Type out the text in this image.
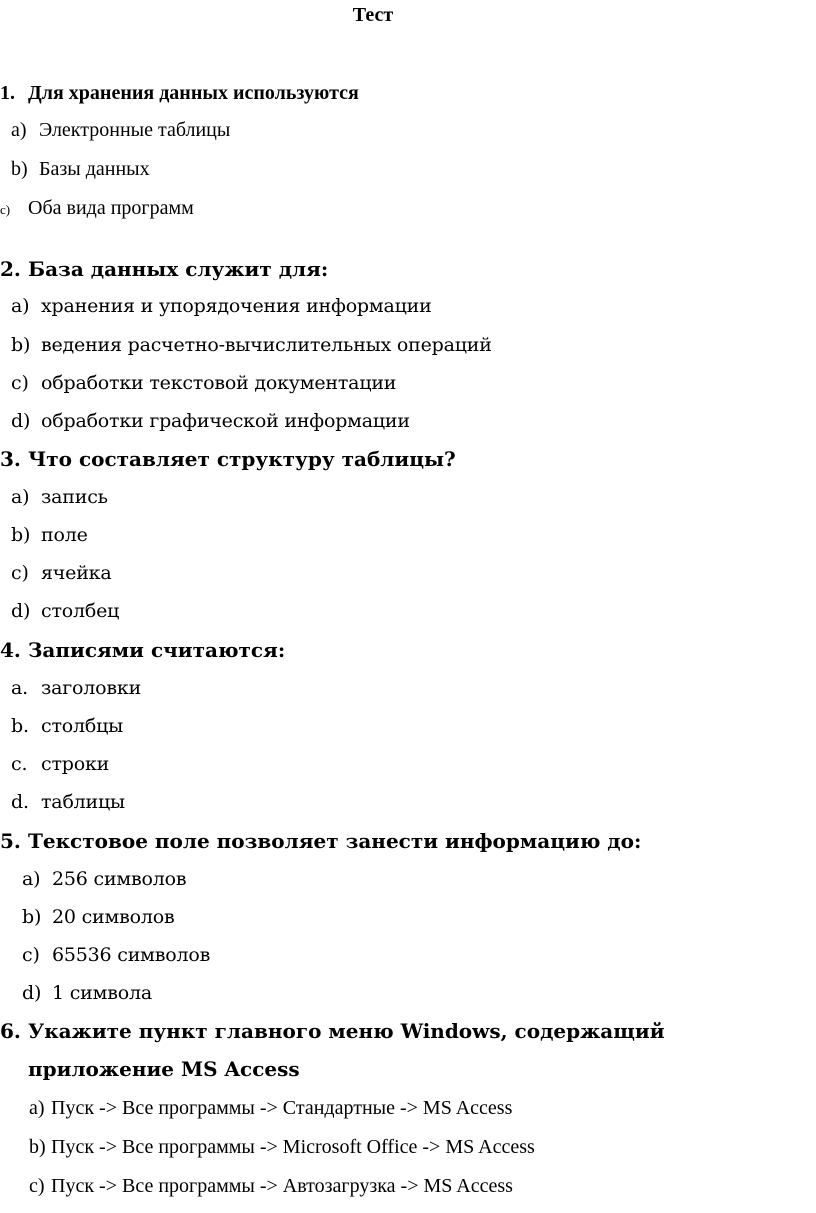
Тест
1. Для хранения данных используются
a) Электронные таблицы
b) Базы данных
c) Оба вида программ
2. База данных служит для:
a) хранения и упорядочения информации
b) ведения расчетно-вычислительных операций
c) обработки текстовой документации
d) обработки графической информации
3. Что составляет структуру таблицы?
a) запись
b) поле
c) ячейка
d) столбец
4. Записями считаются:
a. заголовки
b. столбцы
c. строки
d. таблицы
5. Текстовое поле позволяет занести информацию до:
a) 256 символов
b) 20 символов
c) 65536 символов
d) 1 символа
6. Укажите пункт главного меню Windows, содержащий
приложение MS Access
a) Пуск -> Все программы -> Стандартные -> MS Access
b) Пуск -> Все программы -> Microsoft Office -> MS Access
c) Пуск -> Все программы -> Автозагрузка -> MS Access
